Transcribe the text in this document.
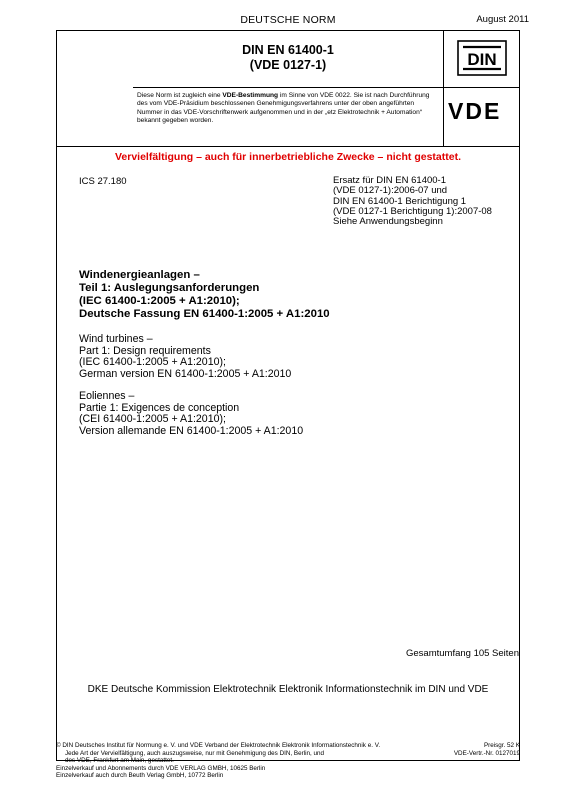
DEUTSCHE NORM	August 2011
DIN EN 61400-1
(VDE 0127-1)	DIN
VDE
Diese Norm ist zugleich eine VDE-Bestimmung im Sinne von VDE 0022. Sie ist nach Durchführung des vom VDE-Präsidium beschlossenen Genehmigungsverfahrens unter der oben angeführten Nummer in das VDE-Vorschriftenwerk aufgenommen und in der „etz Elektrotechnik + Automation“ bekannt gegeben worden.
Vervielfältigung – auch für innerbetriebliche Zwecke – nicht gestattet.
ICS 27.180	Ersatz für DIN EN 61400-1
(VDE 0127-1):2006-07 und
DIN EN 61400-1 Berichtigung 1
(VDE 0127-1 Berichtigung 1):2007-08
Siehe Anwendungsbeginn
Windenergieanlagen –
Teil 1: Auslegungsanforderungen
(IEC 61400-1:2005 + A1:2010);
Deutsche Fassung EN 61400-1:2005 + A1:2010
Wind turbines –
Part 1: Design requirements
(IEC 61400-1:2005 + A1:2010);
German version EN 61400-1:2005 + A1:2010
Eoliennes –
Partie 1: Exigences de conception
(CEI 61400-1:2005 + A1:2010);
Version allemande EN 61400-1:2005 + A1:2010
Gesamtumfang 105 Seiten
DKE Deutsche Kommission Elektrotechnik Elektronik Informationstechnik im DIN und VDE

© DIN Deutsches Institut für Normung e. V. und VDE Verband der Elektrotechnik Elektronik Informationstechnik e. V.

Jede Art der Vervielfältigung, auch auszugsweise, nur mit Genehmigung des DIN, Berlin, und

des VDE, Frankfurt am Main, gestattet.

Einzelverkauf und Abonnements durch VDE VERLAG GMBH, 10625 Berlin

Einzelverkauf auch durch Beuth Verlag GmbH, 10772 Berlin

Preisgr. 52 K
VDE-Vertr.-Nr. 0127019
